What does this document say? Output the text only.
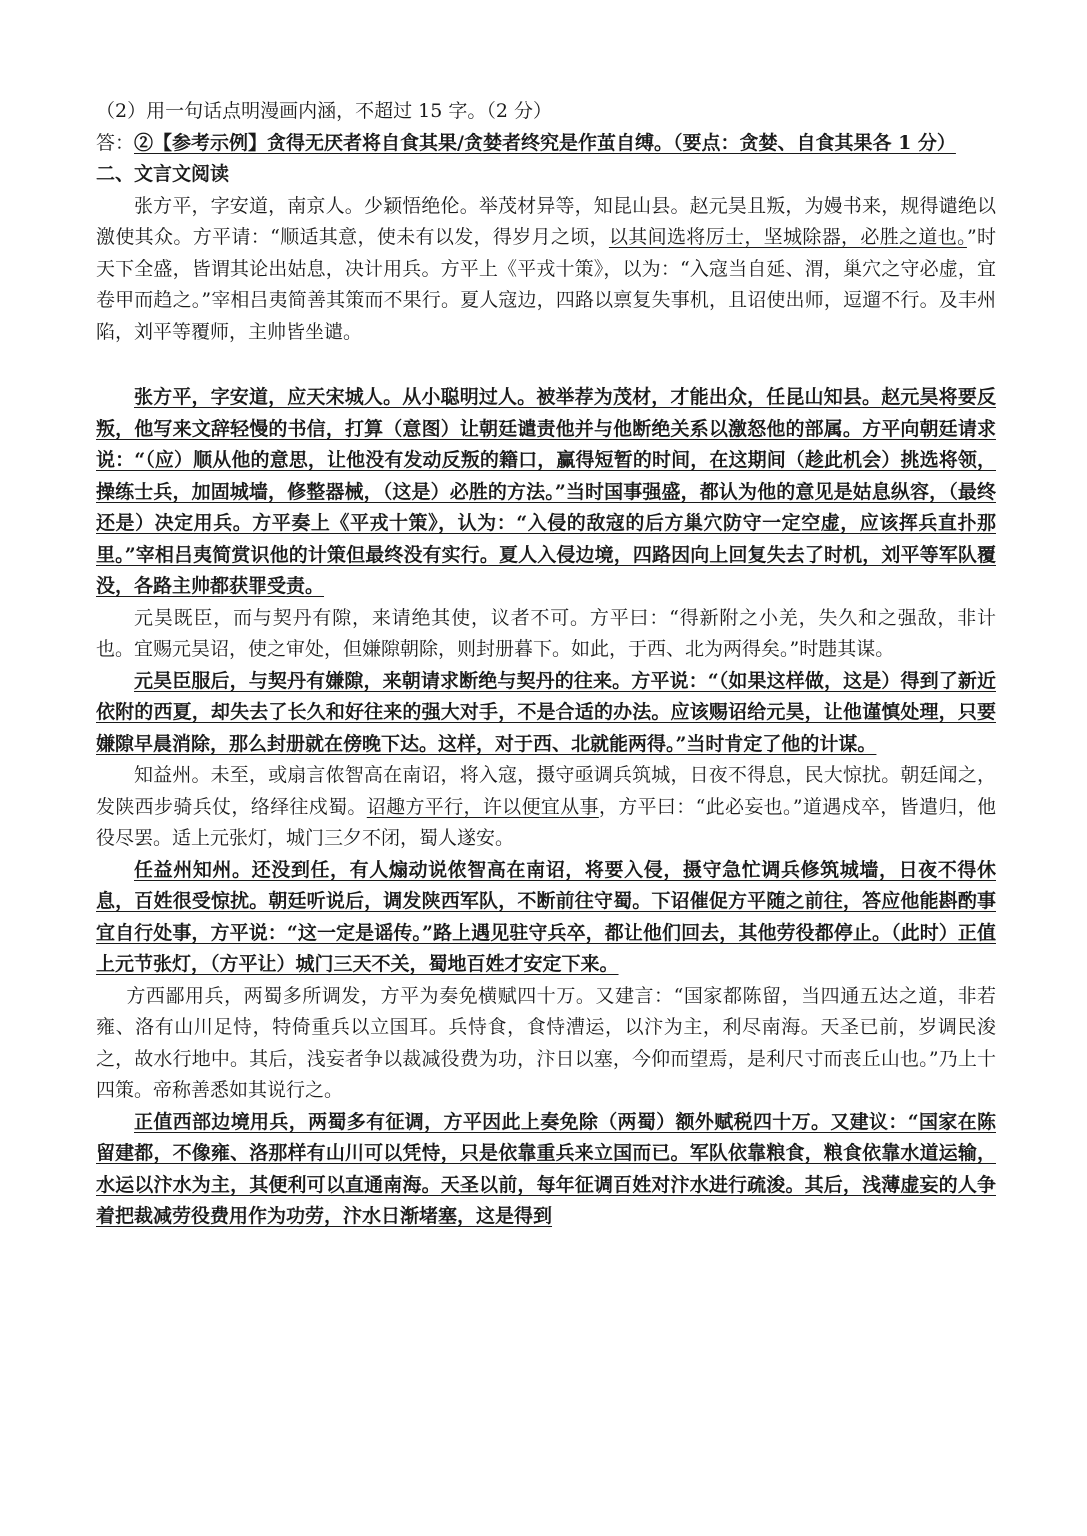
（2）用一句话点明漫画内涵，不超过 15 字。（2 分）

答：②【参考示例】贪得无厌者将自食其果/贪婪者终究是作茧自缚。（要点：贪婪、自食其果各 1 分）

二、文言文阅读

张方平，字安道，南京人。少颖悟绝伦。举茂材异等，知昆山县。赵元昊且叛，为嫚书来，规得谴绝以激使其众。方平请：“顺适其意，使未有以发，得岁月之顷，以其间选将厉士，坚城除器，必胜之道也。”时天下全盛，皆谓其论出姑息，决计用兵。方平上《平戎十策》，以为：“入寇当自延、渭，巢穴之守必虚，宜卷甲而趋之。”宰相吕夷简善其策而不果行。夏人寇边，四路以禀复失事机，且诏使出师，逗遛不行。及丰州陷，刘平等覆师，主帅皆坐谴。

张方平，字安道，应天宋城人。从小聪明过人。被举荐为茂材，才能出众，任昆山知县。赵元昊将要反叛，他写来文辞轻慢的书信，打算（意图）让朝廷谴责他并与他断绝关系以激怒他的部属。方平向朝廷请求说：“（应）顺从他的意思，让他没有发动反叛的籍口，赢得短暂的时间，在这期间（趁此机会）挑选将领，操练士兵，加固城墙，修整器械，（这是）必胜的方法。”当时国事强盛，都认为他的意见是姑息纵容，（最终还是）决定用兵。方平奏上《平戎十策》，认为：“入侵的敌寇的后方巢穴防守一定空虚，应该挥兵直扑那里。”宰相吕夷简赏识他的计策但最终没有实行。夏人入侵边境，四路因向上回复失去了时机，刘平等军队覆没，各路主帅都获罪受责。

元昊既臣，而与契丹有隙，来请绝其使，议者不可。方平曰：“得新附之小羌，失久和之强敌，非计也。宜赐元昊诏，使之审处，但嫌隙朝除，则封册暮下。如此，于西、北为两得矣。”时韪其谋。

元昊臣服后，与契丹有嫌隙，来朝请求断绝与契丹的往来。方平说：“（如果这样做，这是）得到了新近依附的西夏，却失去了长久和好往来的强大对手，不是合适的办法。应该赐诏给元昊，让他谨慎处理，只要嫌隙早晨消除，那么封册就在傍晚下达。这样，对于西、北就能两得。”当时肯定了他的计谋。

知益州。未至，或扇言侬智高在南诏，将入寇，摄守亟调兵筑城，日夜不得息，民大惊扰。朝廷闻之，发陕西步骑兵仗，络绎往戍蜀。诏趣方平行，许以便宜从事，方平曰：“此必妄也。”道遇戍卒，皆遣归，他役尽罢。适上元张灯，城门三夕不闭，蜀人遂安。

任益州知州。还没到任，有人煽动说侬智高在南诏，将要入侵，摄守急忙调兵修筑城墙，日夜不得休息，百姓很受惊扰。朝廷听说后，调发陕西军队，不断前往守蜀。下诏催促方平随之前往，答应他能斟酌事宜自行处事，方平说：“这一定是谣传。”路上遇见驻守兵卒，都让他们回去，其他劳役都停止。（此时）正值上元节张灯，（方平让）城门三天不关，蜀地百姓才安定下来。

方西鄙用兵，两蜀多所调发，方平为奏免横赋四十万。又建言：“国家都陈留，当四通五达之道，非若雍、洛有山川足恃，特倚重兵以立国耳。兵恃食，食恃漕运，以汴为主，利尽南海。天圣已前，岁调民浚之，故水行地中。其后，浅妄者争以裁减役费为功，汴日以塞，今仰而望焉，是利尺寸而丧丘山也。”乃上十四策。帝称善悉如其说行之。

正值西部边境用兵，两蜀多有征调，方平因此上奏免除（两蜀）额外赋税四十万。又建议：“国家在陈留建都，不像雍、洛那样有山川可以凭恃，只是依靠重兵来立国而已。军队依靠粮食，粮食依靠水道运输，水运以汴水为主，其便利可以直通南海。天圣以前，每年征调百姓对汴水进行疏浚。其后，浅薄虚妄的人争着把裁减劳役费用作为功劳，汴水日渐堵塞，这是得到
